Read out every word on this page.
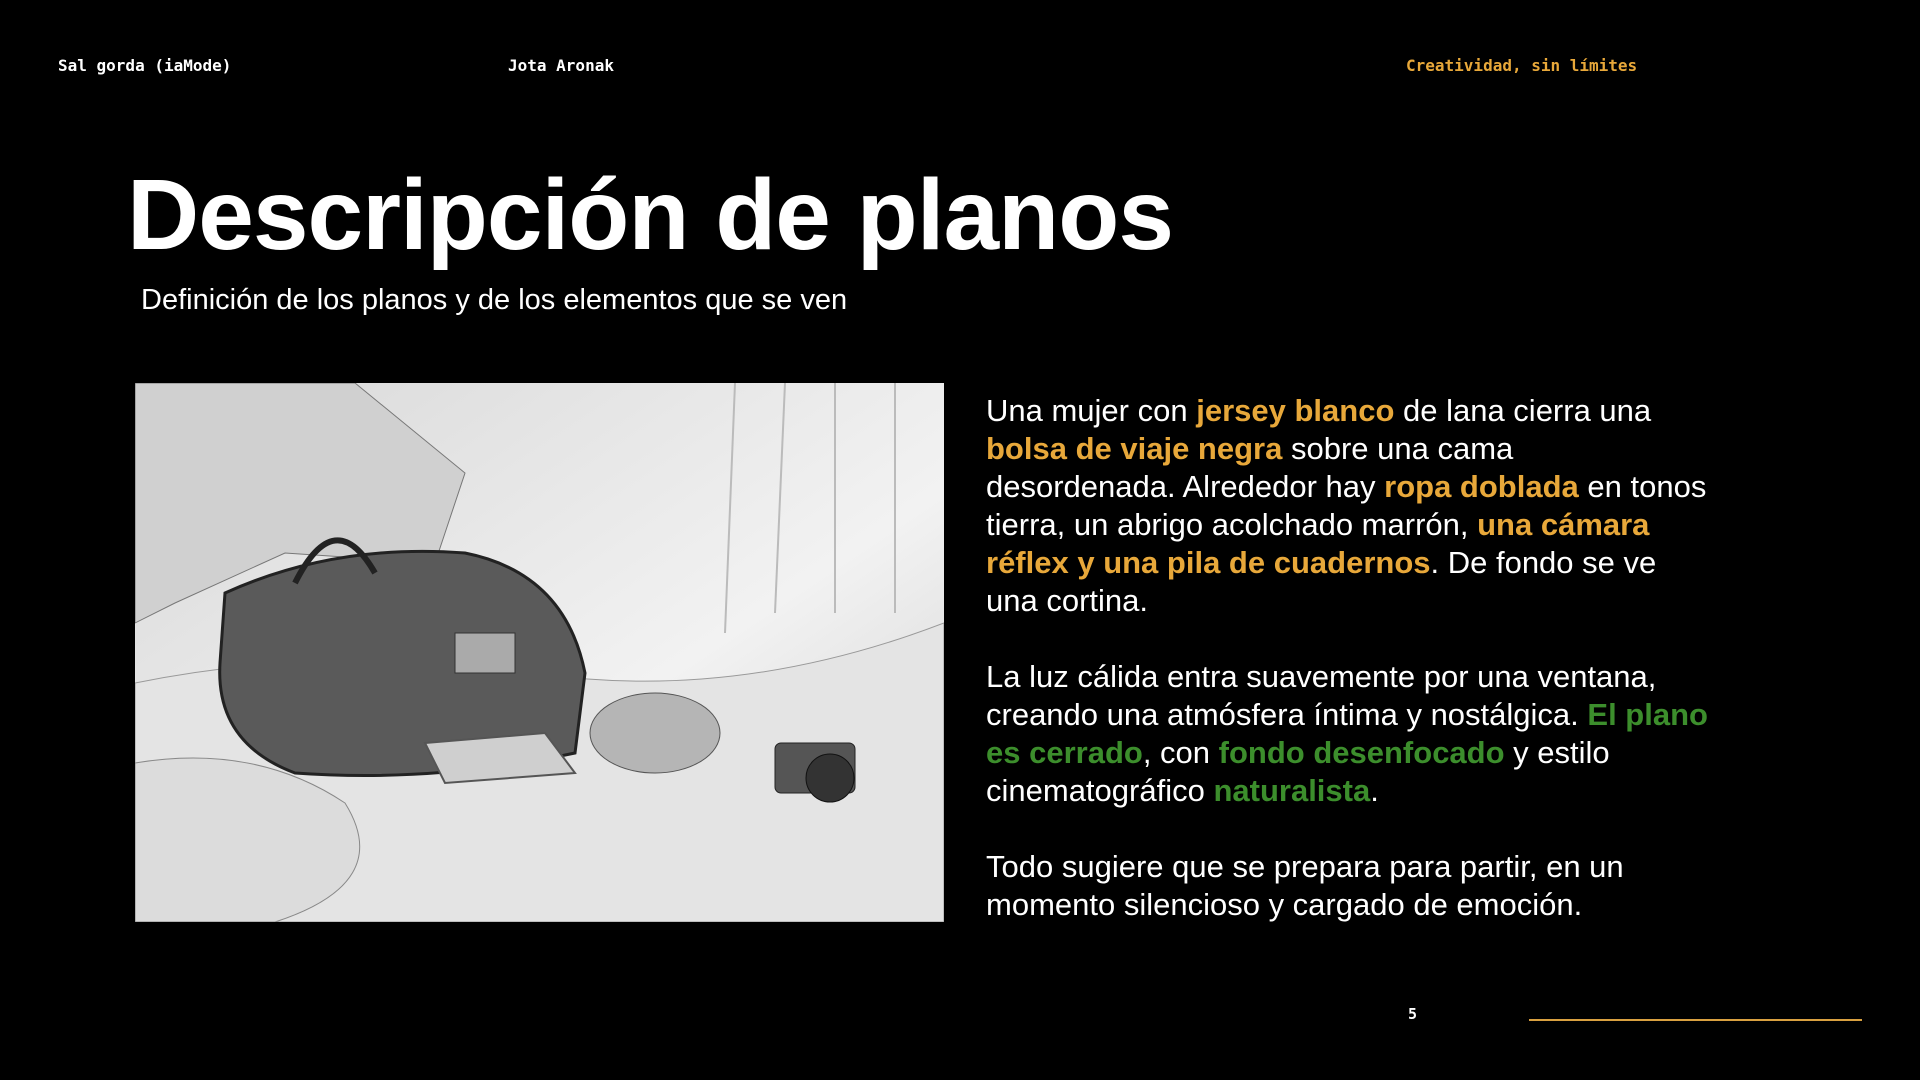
Sal gorda (iaMode)	Jota Aronak	Creatividad, sin límites
Descripción de planos
Definición de los planos y de los elementos que se ven

Una mujer con jersey blanco de lana cierra una
bolsa de viaje negra sobre una cama
desordenada. Alrededor hay ropa doblada en tonos
tierra, un abrigo acolchado marrón, una cámara
réflex y una pila de cuadernos. De fondo se ve
una cortina.

La luz cálida entra suavemente por una ventana,
creando una atmósfera íntima y nostálgica. El plano
es cerrado, con fondo desenfocado y estilo
cinematográfico naturalista.

Todo sugiere que se prepara para partir, en un
momento silencioso y cargado de emoción.

5
